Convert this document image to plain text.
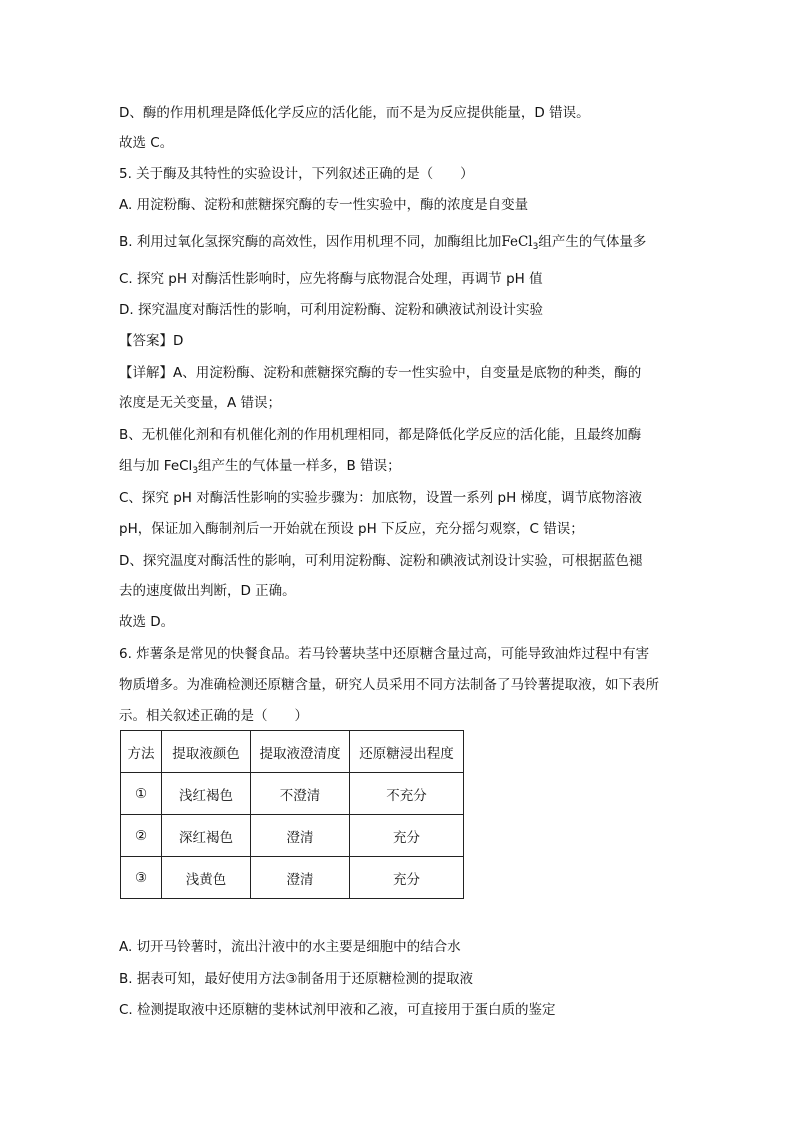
D、酶的作用机理是降低化学反应的活化能，而不是为反应提供能量，D 错误。
故选 C。
5. 关于酶及其特性的实验设计，下列叙述正确的是（　　）
A. 用淀粉酶、淀粉和蔗糖探究酶的专一性实验中，酶的浓度是自变量
B. 利用过氧化氢探究酶的高效性，因作用机理不同，加酶组比加FeCl$_3$组产生的气体量多
C. 探究 pH 对酶活性影响时，应先将酶与底物混合处理，再调节 pH 值
D. 探究温度对酶活性的影响，可利用淀粉酶、淀粉和碘液试剂设计实验
【答案】D
【详解】A、用淀粉酶、淀粉和蔗糖探究酶的专一性实验中，自变量是底物的种类，酶的
浓度是无关变量，A 错误；
B、无机催化剂和有机催化剂的作用机理相同，都是降低化学反应的活化能，且最终加酶
组与加 FeCl$_3$组产生的气体量一样多，B 错误；
C、探究 pH 对酶活性影响的实验步骤为：加底物，设置一系列 pH 梯度，调节底物溶液
pH，保证加入酶制剂后一开始就在预设 pH 下反应，充分摇匀观察，C 错误；
D、探究温度对酶活性的影响，可利用淀粉酶、淀粉和碘液试剂设计实验，可根据蓝色褪
去的速度做出判断，D 正确。
故选 D。
6. 炸薯条是常见的快餐食品。若马铃薯块茎中还原糖含量过高，可能导致油炸过程中有害
物质增多。为准确检测还原糖含量，研究人员采用不同方法制备了马铃薯提取液，如下表所
示。相关叙述正确的是（　　）
方法	提取液颜色	提取液澄清度	还原糖浸出程度
①	浅红褐色	不澄清	不充分
②	深红褐色	澄清	充分
③	浅黄色	澄清	充分
A. 切开马铃薯时，流出汁液中的水主要是细胞中的结合水
B. 据表可知，最好使用方法③制备用于还原糖检测的提取液
C. 检测提取液中还原糖的斐林试剂甲液和乙液，可直接用于蛋白质的鉴定
